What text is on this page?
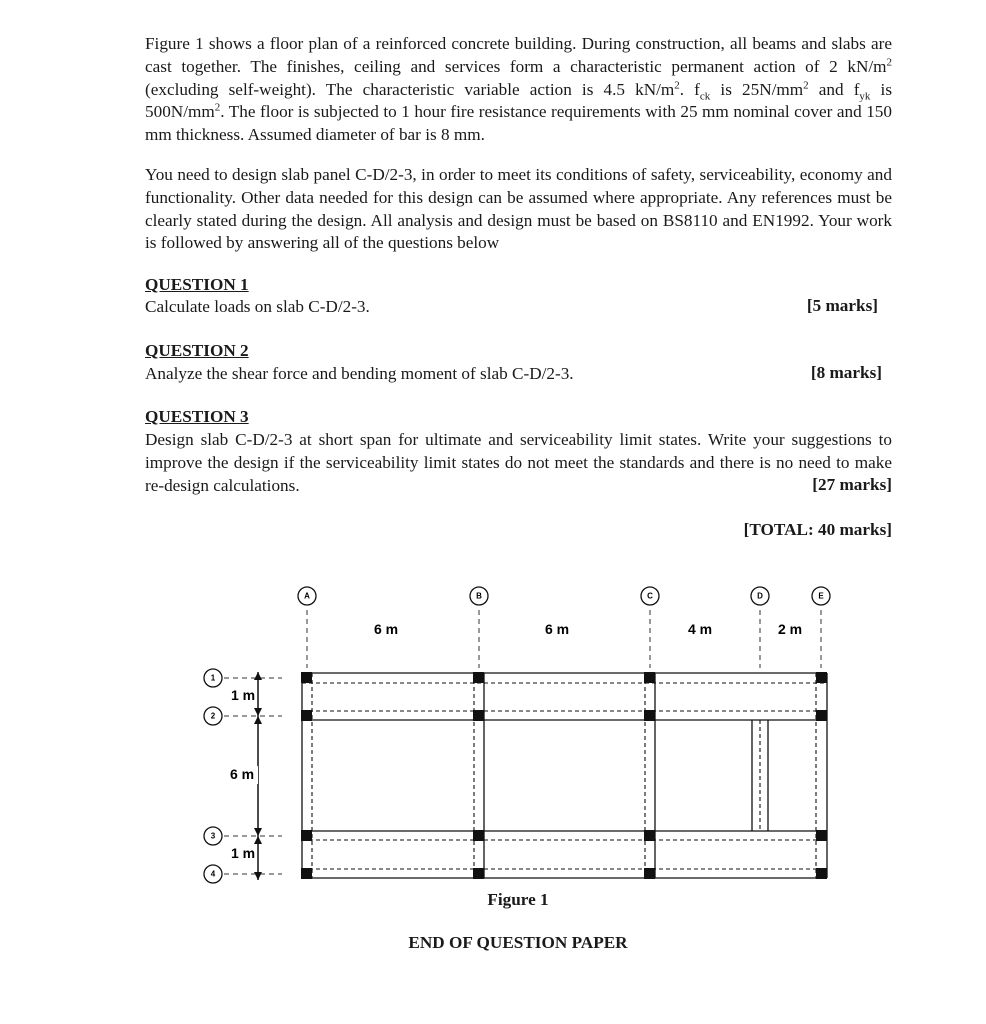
Figure 1 shows a floor plan of a reinforced concrete building. During construction, all beams and slabs are cast together. The finishes, ceiling and services form a characteristic permanent action of 2 $kN/m^2$ (excluding self-weight). The characteristic variable action is 4.5 $kN/m^2$. $f_{ck}$ is $25N/mm^2$ and $f_{yk}$ is $500N/mm^2$. The floor is subjected to 1 hour fire resistance requirements with 25 mm nominal cover and 150 mm thickness. Assumed diameter of bar is 8 mm.
You need to design slab panel C-D/2-3, in order to meet its conditions of safety, serviceability, economy and functionality. Other data needed for this design can be assumed where appropriate. Any references must be clearly stated during the design. All analysis and design must be based on BS8110 and EN1992. Your work is followed by answering all of the questions below
QUESTION 1
Calculate loads on slab C-D/2-3.	[5 marks]
QUESTION 2
Analyze the shear force and bending moment of slab C-D/2-3.	[8 marks]
QUESTION 3
Design slab C-D/2-3 at short span for ultimate and serviceability limit states. Write your suggestions to improve the design if the serviceability limit states do not meet the standards and there is no need to make re-design calculations.	[27 marks]
[TOTAL: 40 marks]
A	B	C	D	E
6 m	6 m	4 m	2 m
1
2
3
4
1 m
6 m
1 m
Figure 1
END OF QUESTION PAPER
